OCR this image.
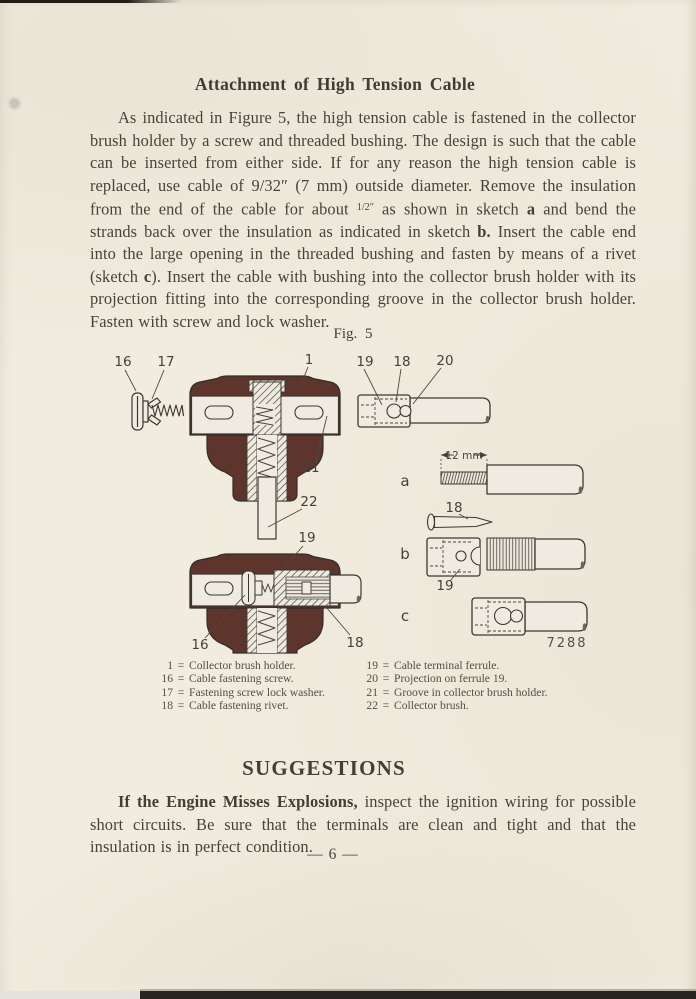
Attachment of High Tension Cable

As indicated in Figure 5, the high tension cable is fastened in the collector brush holder by a screw and threaded bushing. The design is such that the cable can be inserted from either side. If for any reason the high tension cable is replaced, use cable of 9/32″ (7 mm) outside diameter. Remove the insulation from the end of the cable for about $^{1/2''}$ as shown in sketch a and bend the strands back over the insulation as indicated in sketch b. Insert the cable end into the large opening in the threaded bushing and fasten by means of a rivet (sketch c). Insert the cable with bushing into the collector brush holder with its projection fitting into the corresponding groove in the collector brush holder. Fasten with screw and lock washer.

Fig. 5
16 17	1
21
22
19 18 20
12 mm
a
18
b
19
c
7288
19
16	18
1 = Collector brush holder.
16 = Cable fastening screw.
17 = Fastening screw lock washer.
18 = Cable fastening rivet.
19 = Cable terminal ferrule.
20 = Projection on ferrule 19.
21 = Groove in collector brush holder.
22 = Collector brush.
SUGGESTIONS

If the Engine Misses Explosions, inspect the ignition wiring for possible short circuits. Be sure that the terminals are clean and tight and that the insulation is in perfect condition.

— 6 —
